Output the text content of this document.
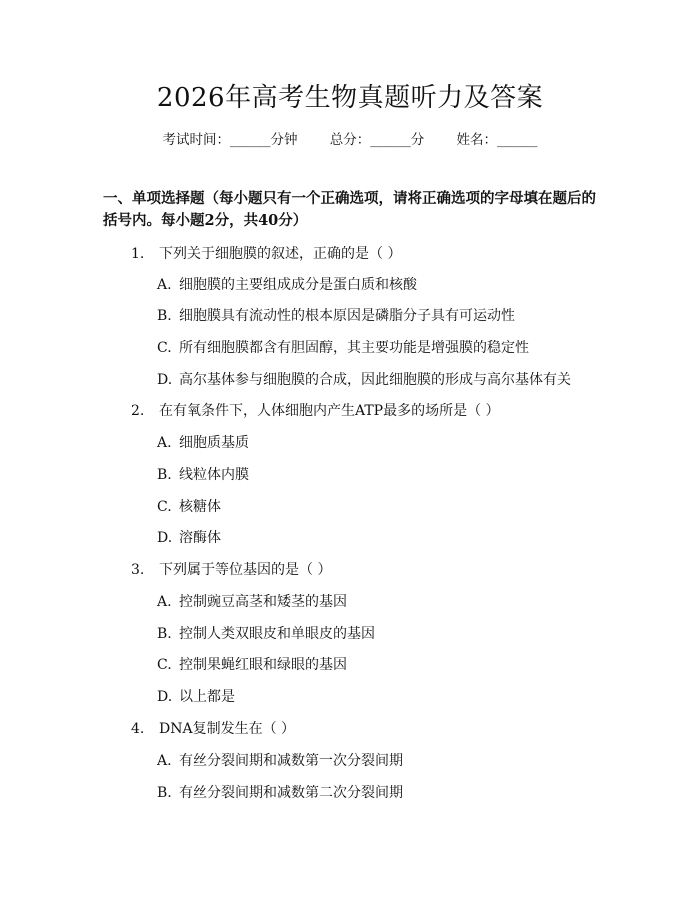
2026年高考生物真题听力及答案
考试时间：______分钟 总分：______分 姓名：______
一、单项选择题（每小题只有一个正确选项，请将正确选项的字母填在题后的括号内。每小题2分，共40分）
1. 下列关于细胞膜的叙述，正确的是（ ）
A. 细胞膜的主要组成成分是蛋白质和核酸
B. 细胞膜具有流动性的根本原因是磷脂分子具有可运动性
C. 所有细胞膜都含有胆固醇，其主要功能是增强膜的稳定性
D. 高尔基体参与细胞膜的合成，因此细胞膜的形成与高尔基体有关
2. 在有氧条件下，人体细胞内产生ATP最多的场所是（ ）
A. 细胞质基质
B. 线粒体内膜
C. 核糖体
D. 溶酶体
3. 下列属于等位基因的是（ ）
A. 控制豌豆高茎和矮茎的基因
B. 控制人类双眼皮和单眼皮的基因
C. 控制果蝇红眼和绿眼的基因
D. 以上都是
4. DNA复制发生在（ ）
A. 有丝分裂间期和减数第一次分裂间期
B. 有丝分裂间期和减数第二次分裂间期
